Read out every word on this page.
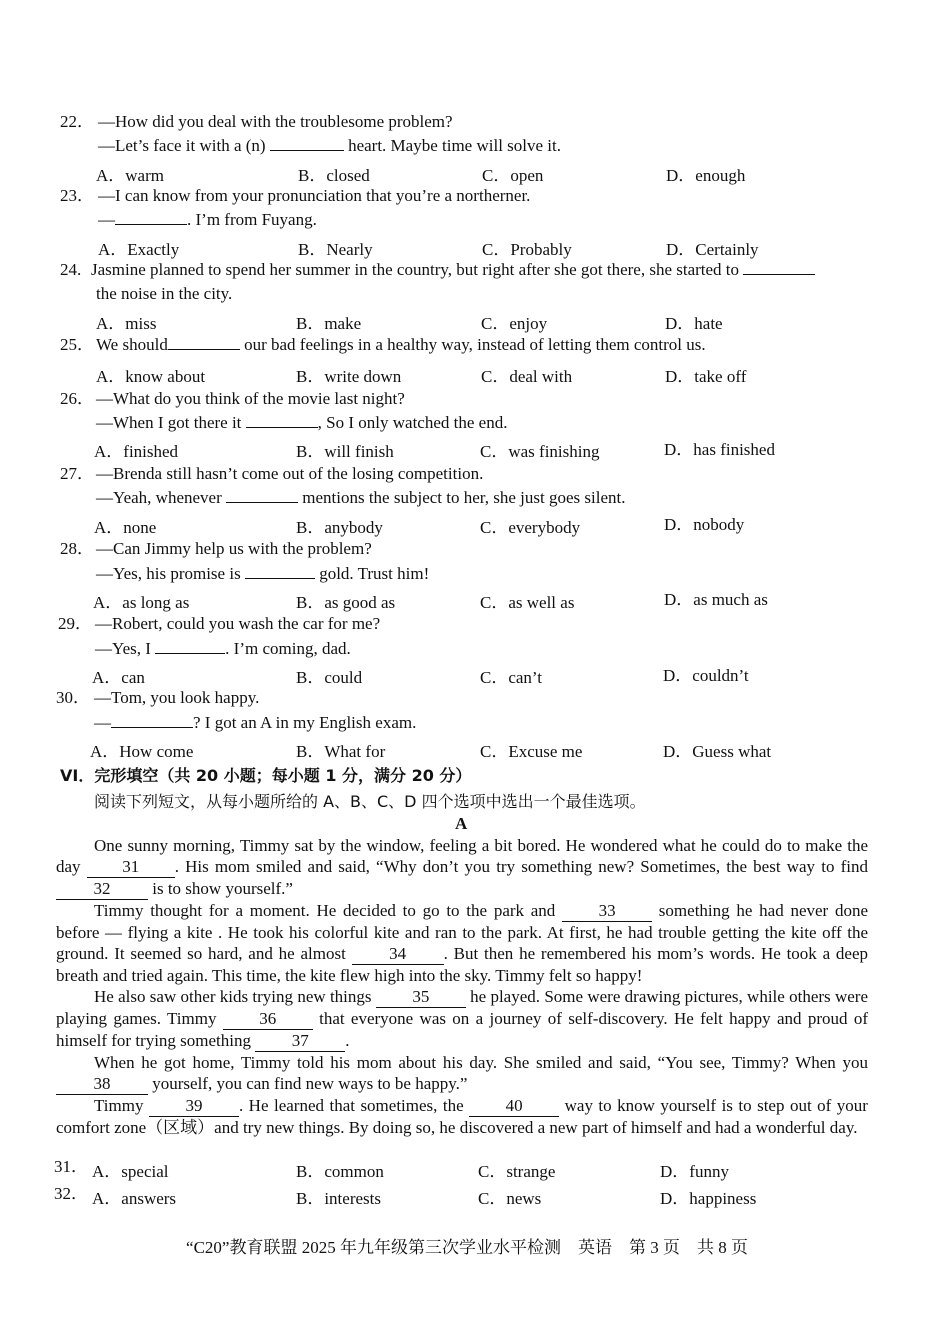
22． —How did you deal with the troublesome problem?
—Let’s face it with a (n)	heart. Maybe time will solve it.
A．warm	B．closed	C．open	D．enough
23． —I can know from your pronunciation that you’re a northerner.
—	. I’m from Fuyang.
A．Exactly	B．Nearly	C．Probably	D．Certainly
24. Jasmine planned to spend her summer in the country, but right after she got there, she started to
the noise in the city.
A．miss	B．make	C．enjoy	D．hate
25． We should	our bad feelings in a healthy way, instead of letting them control us.
A．know about	B．write down	C．deal with	D．take off
26． —What do you think of the movie last night?
—When I got there it	, So I only watched the end.
A．finished	B．will finish	C．was finishing	D．has finished
27． —Brenda still hasn’t come out of the losing competition.
—Yeah, whenever	mentions the subject to her, she just goes silent.
A．none	B．anybody	C．everybody	D．nobody
28． —Can Jimmy help us with the problem?
—Yes, his promise is	gold. Trust him!
A．as long as	B．as good as	C．as well as	D．as much as
29． —Robert, could you wash the car for me?
—Yes, I	. I’m coming, dad.
A．can	B．could	C．can’t	D．couldn’t
30． —Tom, you look happy.
—	? I got an A in my English exam.
A．How come	B．What for	C．Excuse me	D．Guess what
VI．完形填空（共 20 小题；每小题 1 分，满分 20 分）
阅读下列短文，从每小题所给的 A、B、C、D 四个选项中选出一个最佳选项。
A

One sunny morning, Timmy sat by the window, feeling a bit bored. He wondered what he could do to make the day 31 . His mom smiled and said, “Why don’t you try something new? Sometimes, the best way to find 32 is to show yourself.”

Timmy thought for a moment. He decided to go to the park and 33 something he had never done before — flying a kite . He took his colorful kite and ran to the park. At first, he had trouble getting the kite off the ground. It seemed so hard, and he almost 34 . But then he remembered his mom’s words. He took a deep breath and tried again. This time, the kite flew high into the sky. Timmy felt so happy!

He also saw other kids trying new things 35 he played. Some were drawing pictures, while others were playing games. Timmy 36 that everyone was on a journey of self-discovery. He felt happy and proud of himself for trying something 37 .

When he got home, Timmy told his mom about his day. She smiled and said, “You see, Timmy? When you 38 yourself, you can find new ways to be happy.”

Timmy 39 . He learned that sometimes, the 40 way to know yourself is to step out of your comfort zone（区域）and try new things. By doing so, he discovered a new part of himself and had a wonderful day.

31． A．special	B．common	C．strange	D．funny
32． A．answers	B．interests	C．news	D．happiness
“C20”教育联盟 2025 年九年级第三次学业水平检测　英语　第 3 页　共 8 页
